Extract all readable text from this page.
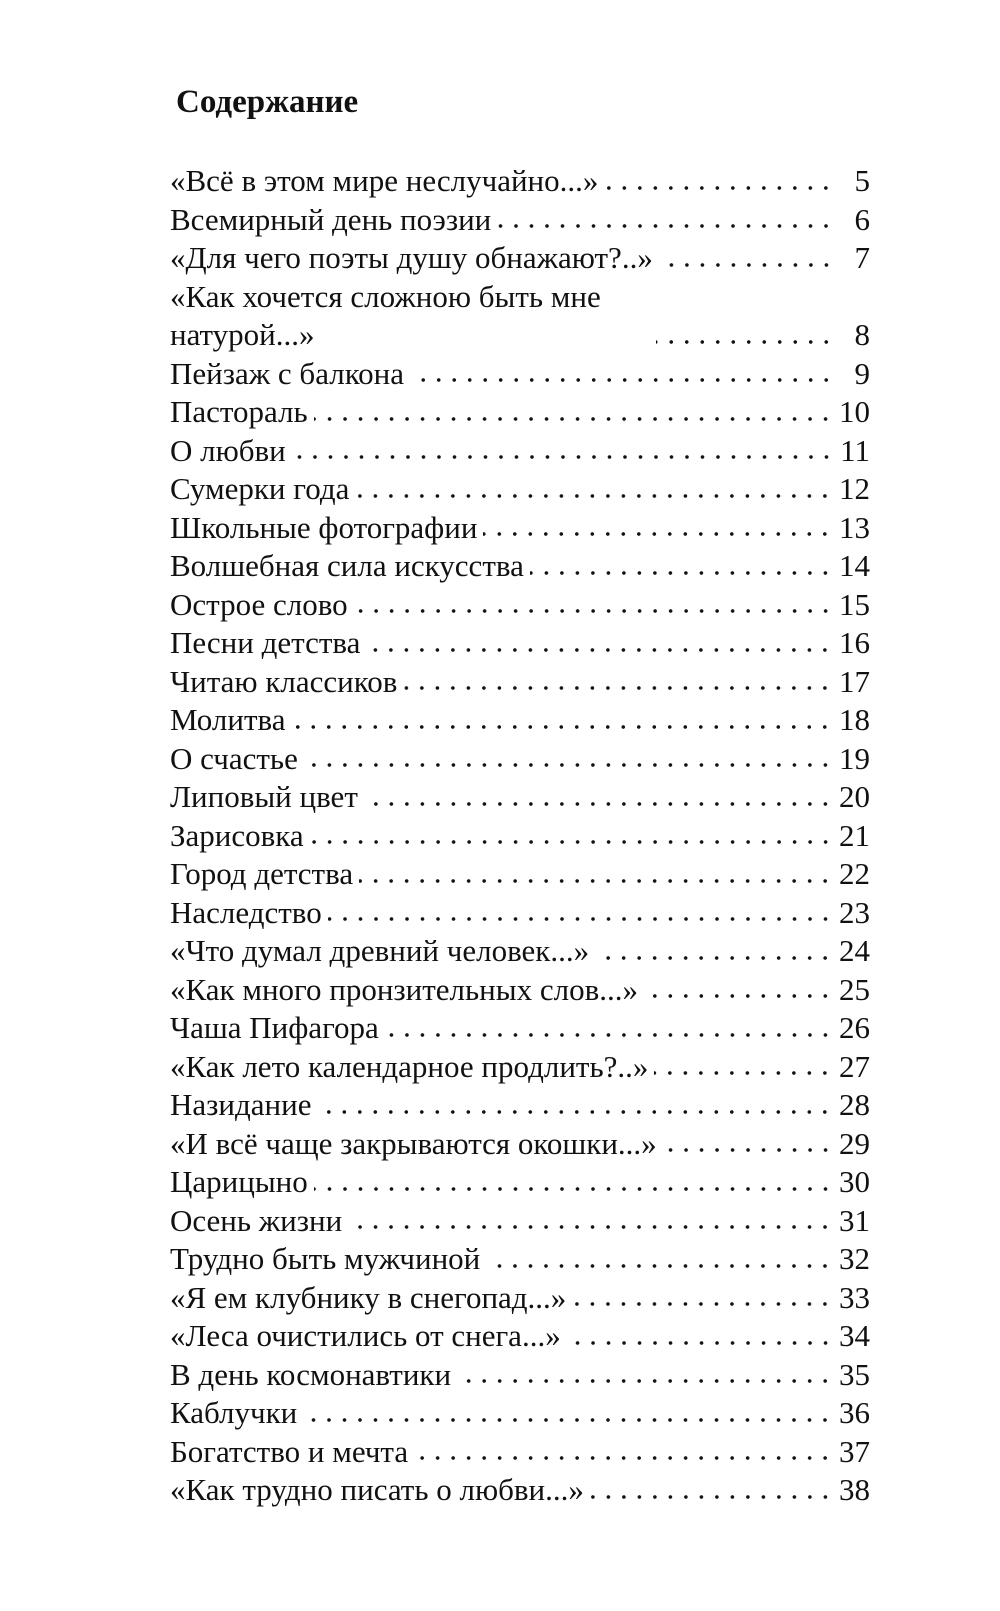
Содержание
«Всё в этом мире неслучайно...»	5
Всемирный день поэзии	6
«Для чего поэты душу обнажают?..»	7
«Как хочется сложною быть мне натурой...»	8
Пейзаж с балкона	9
Пастораль	10
О любви	11
Сумерки года	12
Школьные фотографии	13
Волшебная сила искусства	14
Острое слово	15
Песни детства	16
Читаю классиков	17
Молитва	18
О счастье	19
Липовый цвет	20
Зарисовка	21
Город детства	22
Наследство	23
«Что думал древний человек...»	24
«Как много пронзительных слов...»	25
Чаша Пифагора	26
«Как лето календарное продлить?..»	27
Назидание	28
«И всё чаще закрываются окошки...»	29
Царицыно	30
Осень жизни	31
Трудно быть мужчиной	32
«Я ем клубнику в снегопад...»	33
«Леса очистились от снега...»	34
В день космонавтики	35
Каблучки	36
Богатство и мечта	37
«Как трудно писать о любви...»	38
